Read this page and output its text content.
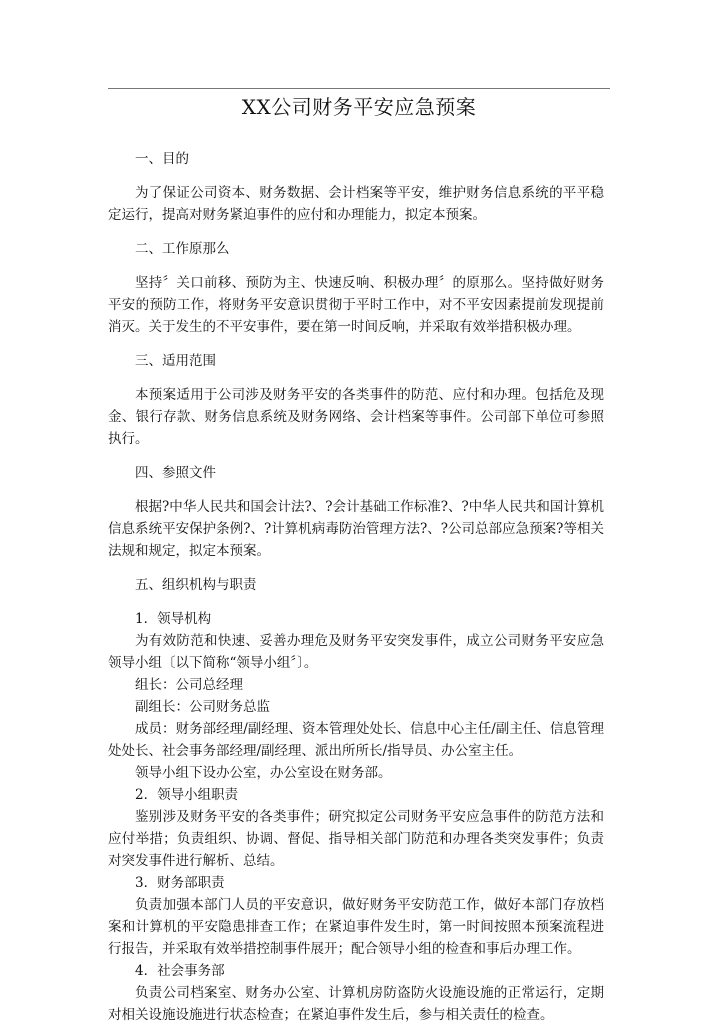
XX公司财务平安应急预案

一、目的

为了保证公司资本、财务数据、会计档案等平安，维护财务信息系统的平平稳定运行，提高对财务紧迫事件的应付和办理能力，拟定本预案。

二、工作原那么

坚持〞关口前移、预防为主、快速反响、积极办理〞的原那么。坚持做好财务平安的预防工作，将财务平安意识贯彻于平时工作中，对不平安因素提前发现提前消灭。关于发生的不平安事件，要在第一时间反响，并采取有效举措积极办理。

三、适用范围

本预案适用于公司涉及财务平安的各类事件的防范、应付和办理。包括危及现金、银行存款、财务信息系统及财务网络、会计档案等事件。公司部下单位可参照执行。

四、参照文件

根据?中华人民共和国会计法?、?会计基础工作标准?、?中华人民共和国计算机信息系统平安保护条例?、?计算机病毒防治管理方法?、?公司总部应急预案?等相关法规和规定，拟定本预案。

五、组织机构与职责

1．领导机构

为有效防范和快速、妥善办理危及财务平安突发事件，成立公司财务平安应急领导小组〔以下简称“领导小组〞〕。

组长：公司总经理

副组长：公司财务总监

成员：财务部经理/副经理、资本管理处处长、信息中心主任/副主任、信息管理处处长、社会事务部经理/副经理、派出所所长/指导员、办公室主任。

领导小组下设办公室，办公室设在财务部。

2．领导小组职责

鉴别涉及财务平安的各类事件；研究拟定公司财务平安应急事件的防范方法和应付举措；负责组织、协调、督促、指导相关部门防范和办理各类突发事件；负责对突发事件进行解析、总结。

3．财务部职责

负责加强本部门人员的平安意识，做好财务平安防范工作，做好本部门存放档案和计算机的平安隐患排查工作；在紧迫事件发生时，第一时间按照本预案流程进行报告，并采取有效举措控制事件展开；配合领导小组的检查和事后办理工作。

4．社会事务部

负责公司档案室、财务办公室、计算机房防盗防火设施设施的正常运行，定期对相关设施设施进行状态检查；在紧迫事件发生后，参与相关责任的检查。
